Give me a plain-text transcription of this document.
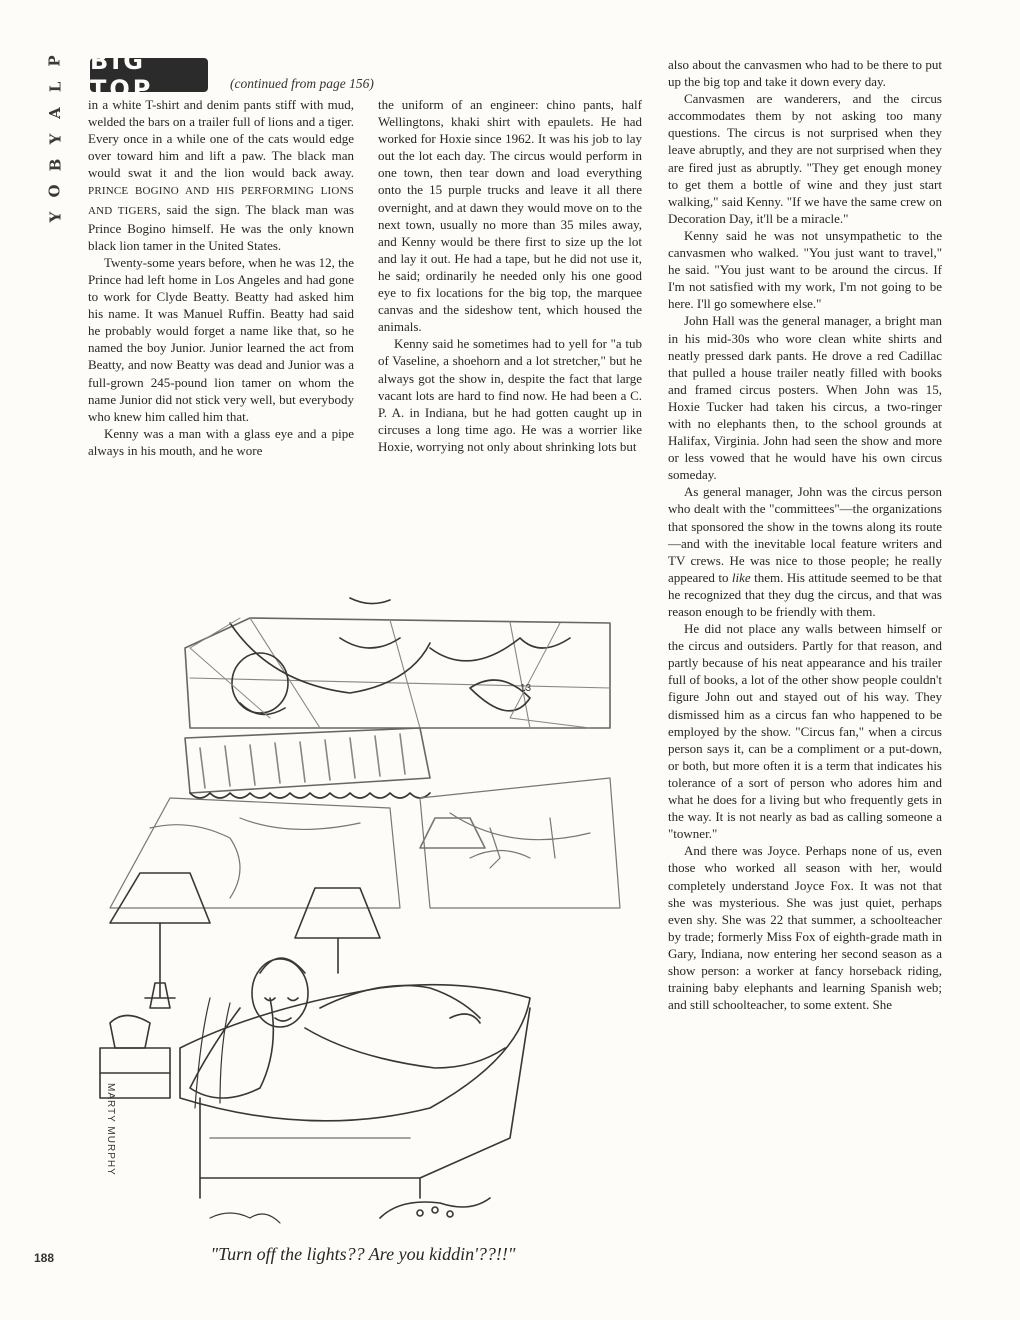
P
L
A
Y
B
O
Y
BIG TOP	(continued from page 156)

in a white T-shirt and denim pants stiff with mud, welded the bars on a trailer full of lions and a tiger. Every once in a while one of the cats would edge over toward him and lift a paw. The black man would swat it and the lion would back away. PRINCE BOGINO AND HIS PERFORMING LIONS AND TIGERS, said the sign. The black man was Prince Bogino himself. He was the only known black lion tamer in the United States.

Twenty-some years before, when he was 12, the Prince had left home in Los Angeles and had gone to work for Clyde Beatty. Beatty had asked him his name. It was Manuel Ruffin. Beatty had said he probably would forget a name like that, so he named the boy Junior. Junior learned the act from Beatty, and now Beatty was dead and Junior was a full-grown 245-pound lion tamer on whom the name Junior did not stick very well, but everybody who knew him called him that.

Kenny was a man with a glass eye and a pipe always in his mouth, and he wore

the uniform of an engineer: chino pants, half Wellingtons, khaki shirt with epaulets. He had worked for Hoxie since 1962. It was his job to lay out the lot each day. The circus would perform in one town, then tear down and load everything onto the 15 purple trucks and leave it all there overnight, and at dawn they would move on to the next town, usually no more than 35 miles away, and Kenny would be there first to size up the lot and lay it out. He had a tape, but he did not use it, he said; ordinarily he needed only his one good eye to fix locations for the big top, the marquee canvas and the sideshow tent, which housed the animals.

Kenny said he sometimes had to yell for "a tub of Vaseline, a shoehorn and a lot stretcher," but he always got the show in, despite the fact that large vacant lots are hard to find now. He had been a C. P. A. in Indiana, but he had gotten caught up in circuses a long time ago. He was a worrier like Hoxie, worrying not only about shrinking lots but

also about the canvasmen who had to be there to put up the big top and take it down every day.

Canvasmen are wanderers, and the circus accommodates them by not asking too many questions. The circus is not surprised when they leave abruptly, and they are not surprised when they are fired just as abruptly. "They get enough money to get them a bottle of wine and they just start walking," said Kenny. "If we have the same crew on Decoration Day, it'll be a miracle."

Kenny said he was not unsympathetic to the canvasmen who walked. "You just want to travel," he said. "You just want to be around the circus. If I'm not satisfied with my work, I'm not going to be here. I'll go somewhere else."

John Hall was the general manager, a bright man in his mid-30s who wore clean white shirts and neatly pressed dark pants. He drove a red Cadillac that pulled a house trailer neatly filled with books and framed circus posters. When John was 15, Hoxie Tucker had taken his circus, a two-ringer with no elephants then, to the school grounds at Halifax, Virginia. John had seen the show and more or less vowed that he would have his own circus someday.

As general manager, John was the circus person who dealt with the "committees"—the organizations that sponsored the show in the towns along its route—and with the inevitable local feature writers and TV crews. He was nice to those people; he really appeared to like them. His attitude seemed to be that he recognized that they dug the circus, and that was reason enough to be friendly with them.

He did not place any walls between himself or the circus and outsiders. Partly for that reason, and partly because of his neat appearance and his trailer full of books, a lot of the other show people couldn't figure John out and stayed out of his way. They dismissed him as a circus fan who happened to be employed by the show. "Circus fan," when a circus person says it, can be a compliment or a put-down, or both, but more often it is a term that indicates his tolerance of a sort of person who adores him and what he does for a living but who frequently gets in the way. It is not nearly as bad as calling someone a "towner."

And there was Joyce. Perhaps none of us, even those who worked all season with her, would completely understand Joyce Fox. It was not that she was mysterious. She was just quiet, perhaps even shy. She was 22 that summer, a schoolteacher by trade; formerly Miss Fox of eighth-grade math in Gary, Indiana, now entering her second season as a show person: a worker at fancy horseback riding, training baby elephants and learning Spanish web; and still schoolteacher, to some extent. She

MARTY MURPHY
13
"Turn off the lights?? Are you kiddin'??!!"
188
